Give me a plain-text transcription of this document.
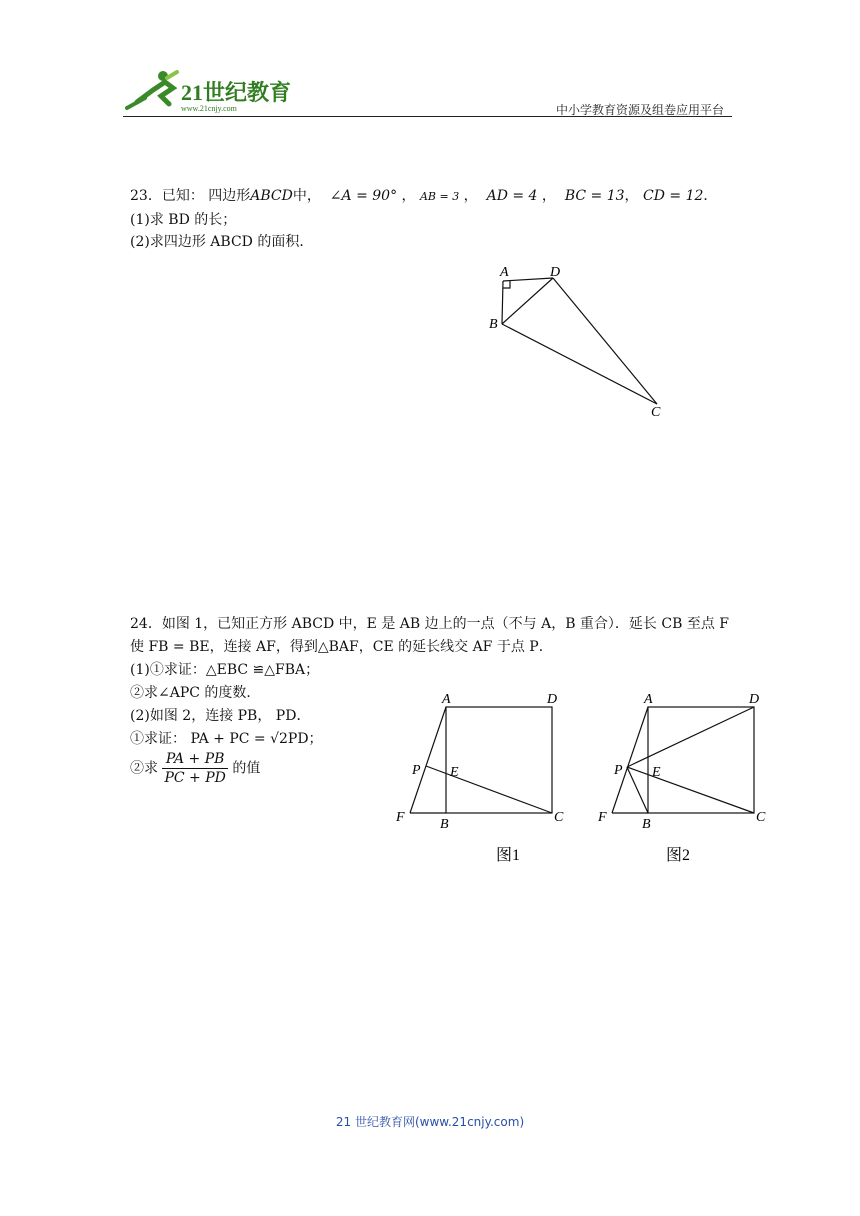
21世纪教育
www.21cnjy.com	中小学教育资源及组卷应用平台
23．已知： 四边形ABCD中， ∠A = 90° ， AB = 3 ，  AD = 4 ，  BC = 13， CD = 12．
(1)求 BD 的长；
(2)求四边形 ABCD 的面积．
A	D
B
C
24．如图 1，已知正方形 ABCD 中，E 是 AB 边上的一点（不与 A，B 重合）．延长 CB 至点 F
使 FB = BE，连接 AF，得到△BAF，CE 的延长线交 AF 于点 P．
(1)①求证：△EBC ≌△FBA；
②求∠APC 的度数．
(2)如图 2，连接 PB， PD．
①求证： PA + PC = √2PD；
②求 $\frac{PA + PB}{PC + PD}$ 的值
A	D
P E
F	B	C
图1
A	D
P E
F	B	C
图2
21 世纪教育网(www.21cnjy.com)
